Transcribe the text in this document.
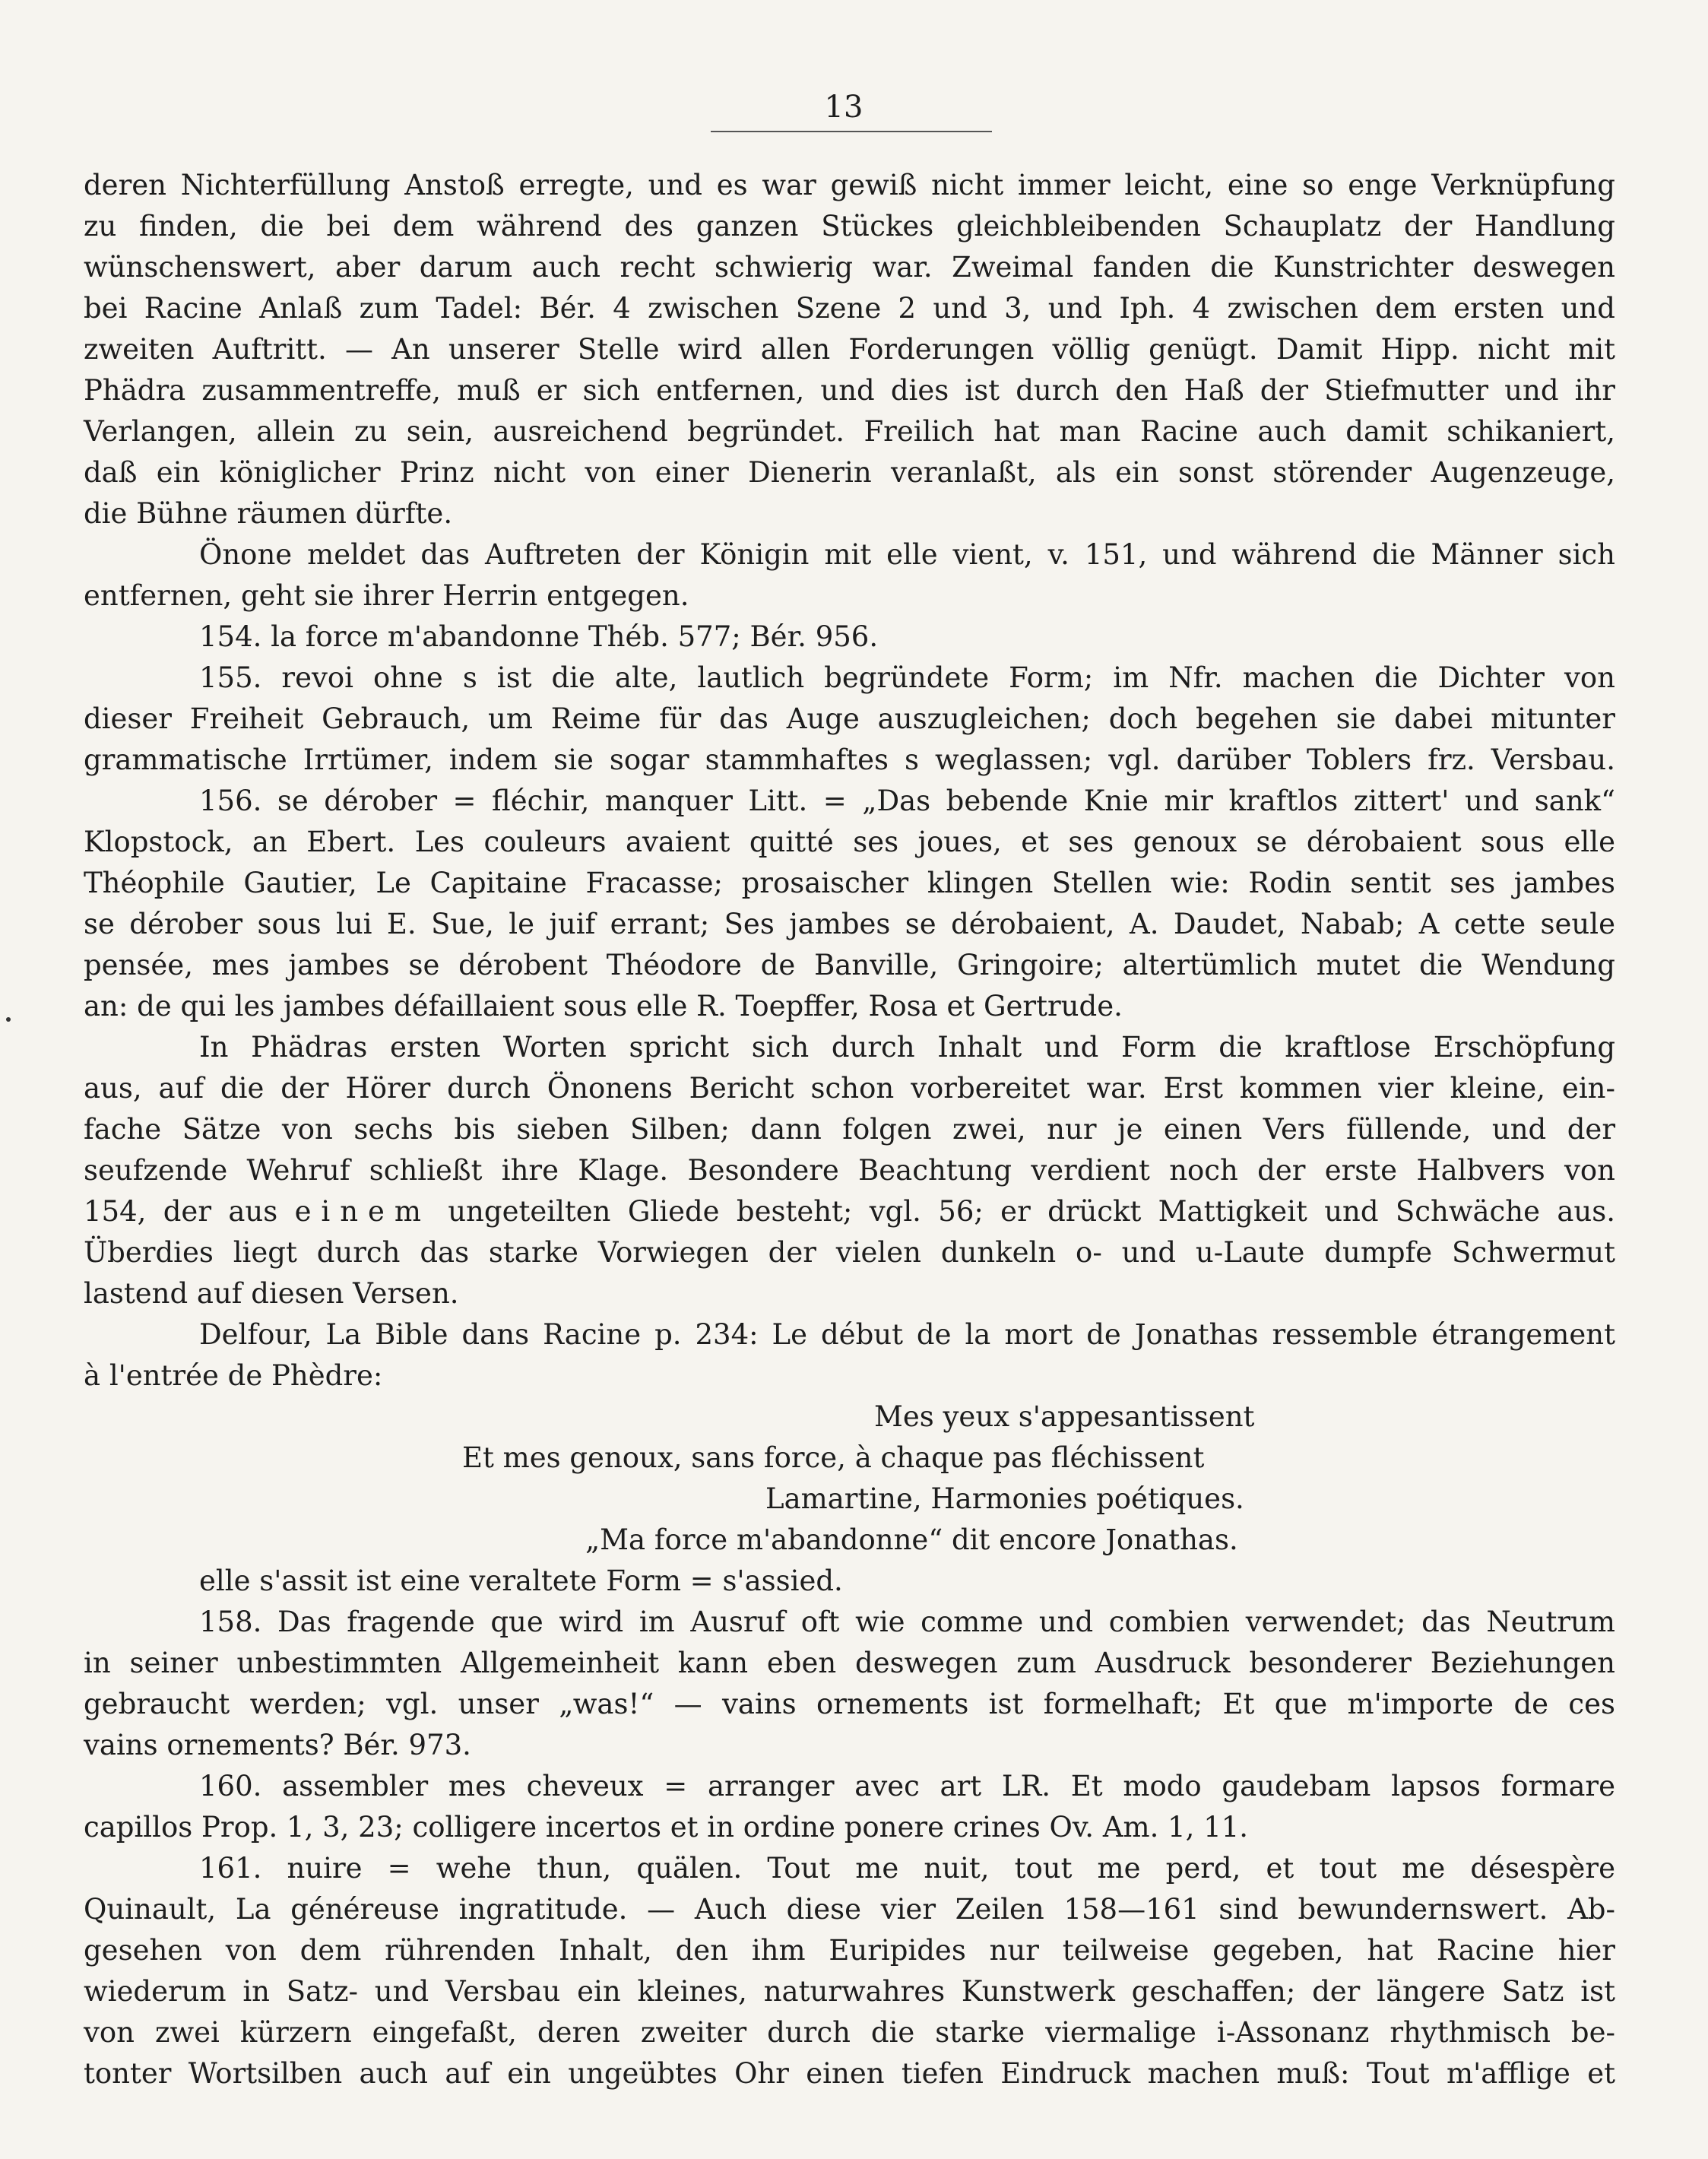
13
deren Nichterfüllung Anstoß erregte, und es war gewiß nicht immer leicht, eine so enge Verknüpfung
zu finden, die bei dem während des ganzen Stückes gleichbleibenden Schauplatz der Handlung
wünschenswert, aber darum auch recht schwierig war. Zweimal fanden die Kunstrichter deswegen
bei Racine Anlaß zum Tadel: Bér. 4 zwischen Szene 2 und 3, und Iph. 4 zwischen dem ersten und
zweiten Auftritt. — An unserer Stelle wird allen Forderungen völlig genügt. Damit Hipp. nicht mit
Phädra zusammentreffe, muß er sich entfernen, und dies ist durch den Haß der Stiefmutter und ihr
Verlangen, allein zu sein, ausreichend begründet. Freilich hat man Racine auch damit schikaniert,
daß ein königlicher Prinz nicht von einer Dienerin veranlaßt, als ein sonst störender Augenzeuge,
die Bühne räumen dürfte.
Önone meldet das Auftreten der Königin mit elle vient, v. 151, und während die Männer sich
entfernen, geht sie ihrer Herrin entgegen.
154. la force m'abandonne Théb. 577; Bér. 956.
155. revoi ohne s ist die alte, lautlich begründete Form; im Nfr. machen die Dichter von
dieser Freiheit Gebrauch, um Reime für das Auge auszugleichen; doch begehen sie dabei mitunter
grammatische Irrtümer, indem sie sogar stammhaftes s weglassen; vgl. darüber Toblers frz. Versbau.
156. se dérober = fléchir, manquer Litt. = „Das bebende Knie mir kraftlos zittert' und sank“
Klopstock, an Ebert. Les couleurs avaient quitté ses joues, et ses genoux se dérobaient sous elle
Théophile Gautier, Le Capitaine Fracasse; prosaischer klingen Stellen wie: Rodin sentit ses jambes
se dérober sous lui E. Sue, le juif errant; Ses jambes se dérobaient, A. Daudet, Nabab; A cette seule
pensée, mes jambes se dérobent Théodore de Banville, Gringoire; altertümlich mutet die Wendung
an: de qui les jambes défaillaient sous elle R. Toepffer, Rosa et Gertrude.
In Phädras ersten Worten spricht sich durch Inhalt und Form die kraftlose Erschöpfung
aus, auf die der Hörer durch Önonens Bericht schon vorbereitet war. Erst kommen vier kleine, ein-
fache Sätze von sechs bis sieben Silben; dann folgen zwei, nur je einen Vers füllende, und der
seufzende Wehruf schließt ihre Klage. Besondere Beachtung verdient noch der erste Halbvers von
154, der aus einem ungeteilten Gliede besteht; vgl. 56; er drückt Mattigkeit und Schwäche aus.
Überdies liegt durch das starke Vorwiegen der vielen dunkeln o- und u-Laute dumpfe Schwermut
lastend auf diesen Versen.
Delfour, La Bible dans Racine p. 234: Le début de la mort de Jonathas ressemble étrangement
à l'entrée de Phèdre:
Mes yeux s'appesantissent
Et mes genoux, sans force, à chaque pas fléchissent
Lamartine, Harmonies poétiques.
„Ma force m'abandonne“ dit encore Jonathas.
elle s'assit ist eine veraltete Form = s'assied.
158. Das fragende que wird im Ausruf oft wie comme und combien verwendet; das Neutrum
in seiner unbestimmten Allgemeinheit kann eben deswegen zum Ausdruck besonderer Beziehungen
gebraucht werden; vgl. unser „was!“ — vains ornements ist formelhaft; Et que m'importe de ces
vains ornements? Bér. 973.
160. assembler mes cheveux = arranger avec art LR. Et modo gaudebam lapsos formare
capillos Prop. 1, 3, 23; colligere incertos et in ordine ponere crines Ov. Am. 1, 11.
161. nuire = wehe thun, quälen. Tout me nuit, tout me perd, et tout me désespère
Quinault, La généreuse ingratitude. — Auch diese vier Zeilen 158—161 sind bewundernswert. Ab-
gesehen von dem rührenden Inhalt, den ihm Euripides nur teilweise gegeben, hat Racine hier
wiederum in Satz- und Versbau ein kleines, naturwahres Kunstwerk geschaffen; der längere Satz ist
von zwei kürzern eingefaßt, deren zweiter durch die starke viermalige i-Assonanz rhythmisch be-
tonter Wortsilben auch auf ein ungeübtes Ohr einen tiefen Eindruck machen muß: Tout m'afflige et
